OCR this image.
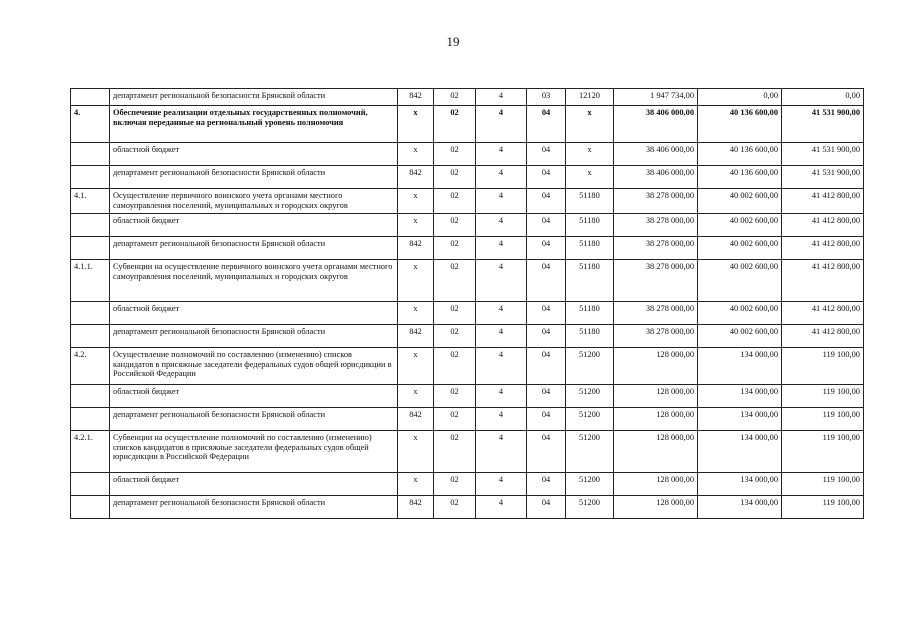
19
	департамент региональной безопасности Брянской области	842	02	4	03	12120	1 947 734,00	0,00	0,00
4.	Обеспечение реализации отдельных государственных полномочий, включая переданные на региональный уровень полномочия	х	02	4	04	х	38 406 000,00	40 136 600,00	41 531 900,00
	областной бюджет	х	02	4	04	х	38 406 000,00	40 136 600,00	41 531 900,00
	департамент региональной безопасности Брянской области	842	02	4	04	х	38 406 000,00	40 136 600,00	41 531 900,00
4.1.	Осуществление первичного воинского учета органами местного самоуправления поселений, муниципальных и городских округов	х	02	4	04	51180	38 278 000,00	40 002 600,00	41 412 800,00
	областной бюджет	х	02	4	04	51180	38 278 000,00	40 002 600,00	41 412 800,00
	департамент региональной безопасности Брянской области	842	02	4	04	51180	38 278 000,00	40 002 600,00	41 412 800,00
4.1.1.	Субвенции на осуществление первичного воинского учета органами местного самоуправления поселений, муниципальных и городских округов	х	02	4	04	51180	38 278 000,00	40 002 600,00	41 412 800,00
	областной бюджет	х	02	4	04	51180	38 278 000,00	40 002 600,00	41 412 800,00
	департамент региональной безопасности Брянской области	842	02	4	04	51180	38 278 000,00	40 002 600,00	41 412 800,00
4.2.	Осуществление полномочий по составлению (изменению) списков кандидатов в присяжные заседатели федеральных судов общей юрисдикции в Российской Федерации	х	02	4	04	51200	128 000,00	134 000,00	119 100,00
	областной бюджет	х	02	4	04	51200	128 000,00	134 000,00	119 100,00
	департамент региональной безопасности Брянской области	842	02	4	04	51200	128 000,00	134 000,00	119 100,00
4.2.1.	Субвенции на осуществление полномочий по составлению (изменению) списков кандидатов в присяжные заседатели федеральных судов общей юрисдикции в Российской Федерации	х	02	4	04	51200	128 000,00	134 000,00	119 100,00
	областной бюджет	х	02	4	04	51200	128 000,00	134 000,00	119 100,00
	департамент региональной безопасности Брянской области	842	02	4	04	51200	128 000,00	134 000,00	119 100,00
